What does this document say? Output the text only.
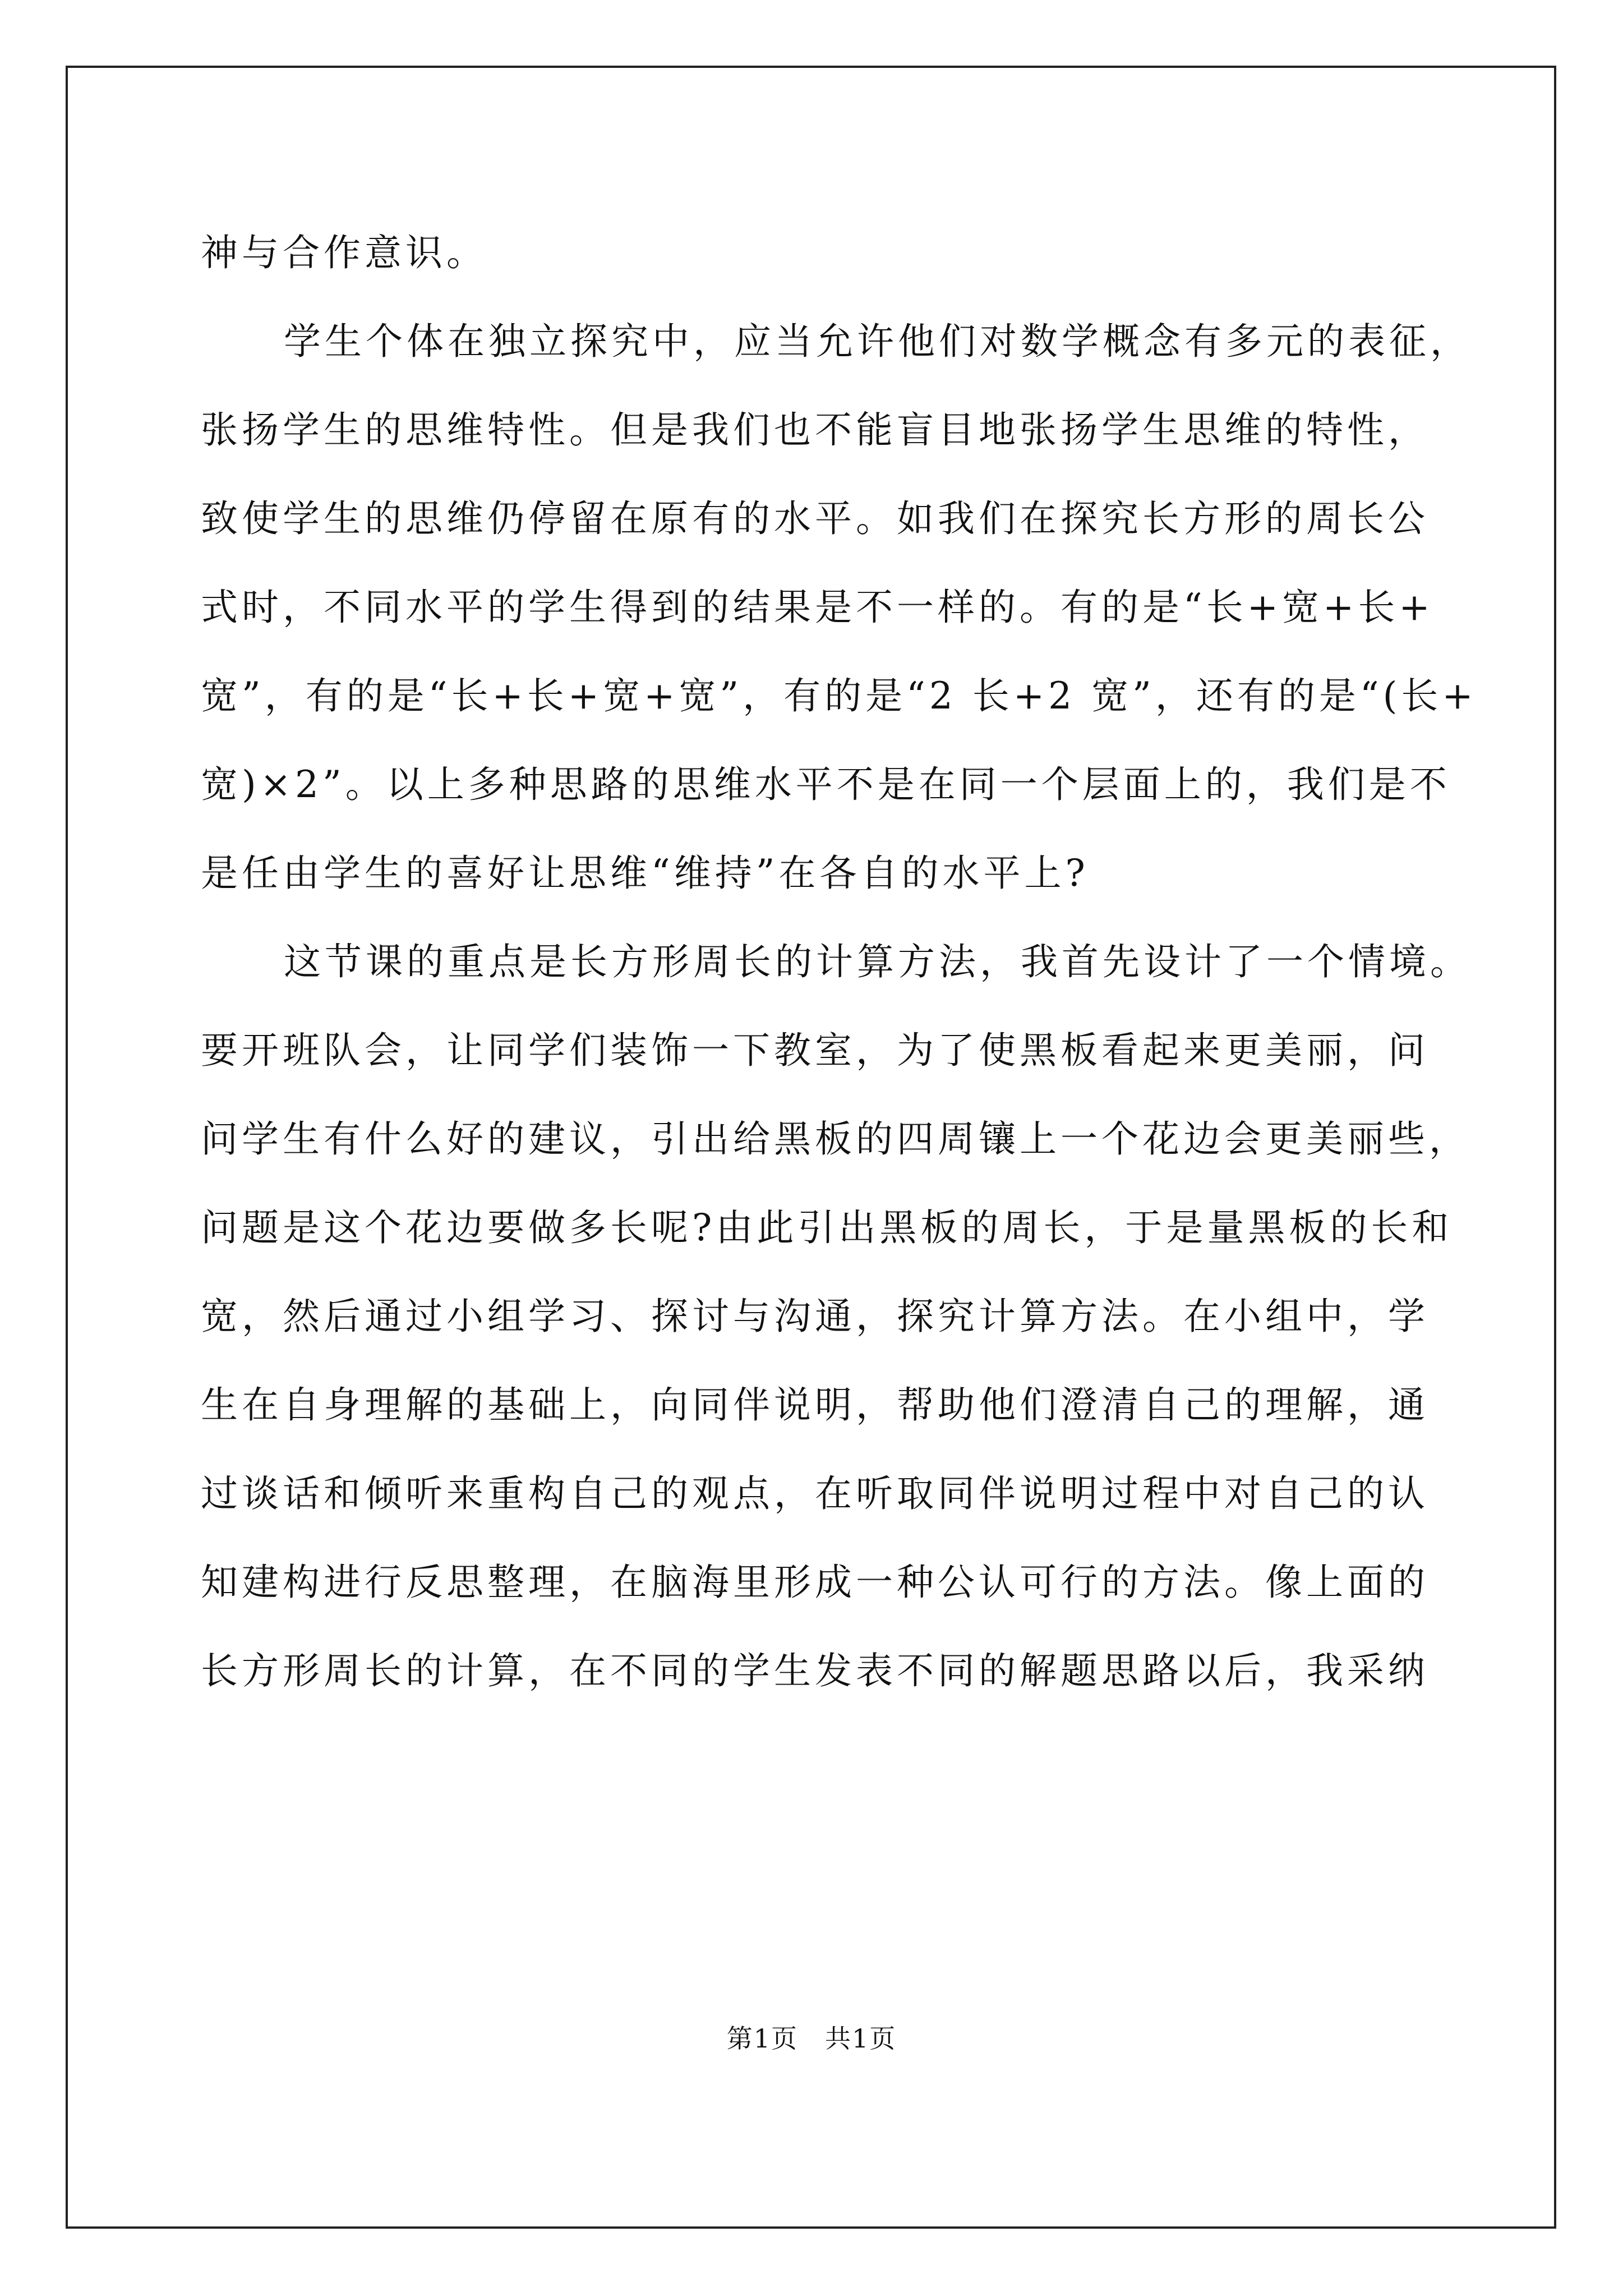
神与合作意识。
学生个体在独立探究中，应当允许他们对数学概念有多元的表征，
张扬学生的思维特性。但是我们也不能盲目地张扬学生思维的特性，
致使学生的思维仍停留在原有的水平。如我们在探究长方形的周长公
式时，不同水平的学生得到的结果是不一样的。有的是“长+宽+长+
宽”，有的是“长+长+宽+宽”，有的是“2 长+2 宽”，还有的是“(长+
宽)×2”。以上多种思路的思维水平不是在同一个层面上的，我们是不
是任由学生的喜好让思维“维持”在各自的水平上?
这节课的重点是长方形周长的计算方法，我首先设计了一个情境。
要开班队会，让同学们装饰一下教室，为了使黑板看起来更美丽，问
问学生有什么好的建议，引出给黑板的四周镶上一个花边会更美丽些，
问题是这个花边要做多长呢?由此引出黑板的周长，于是量黑板的长和
宽，然后通过小组学习、探讨与沟通，探究计算方法。在小组中，学
生在自身理解的基础上，向同伴说明，帮助他们澄清自己的理解，通
过谈话和倾听来重构自己的观点，在听取同伴说明过程中对自己的认
知建构进行反思整理，在脑海里形成一种公认可行的方法。像上面的
长方形周长的计算，在不同的学生发表不同的解题思路以后，我采纳
第1页 共1页
